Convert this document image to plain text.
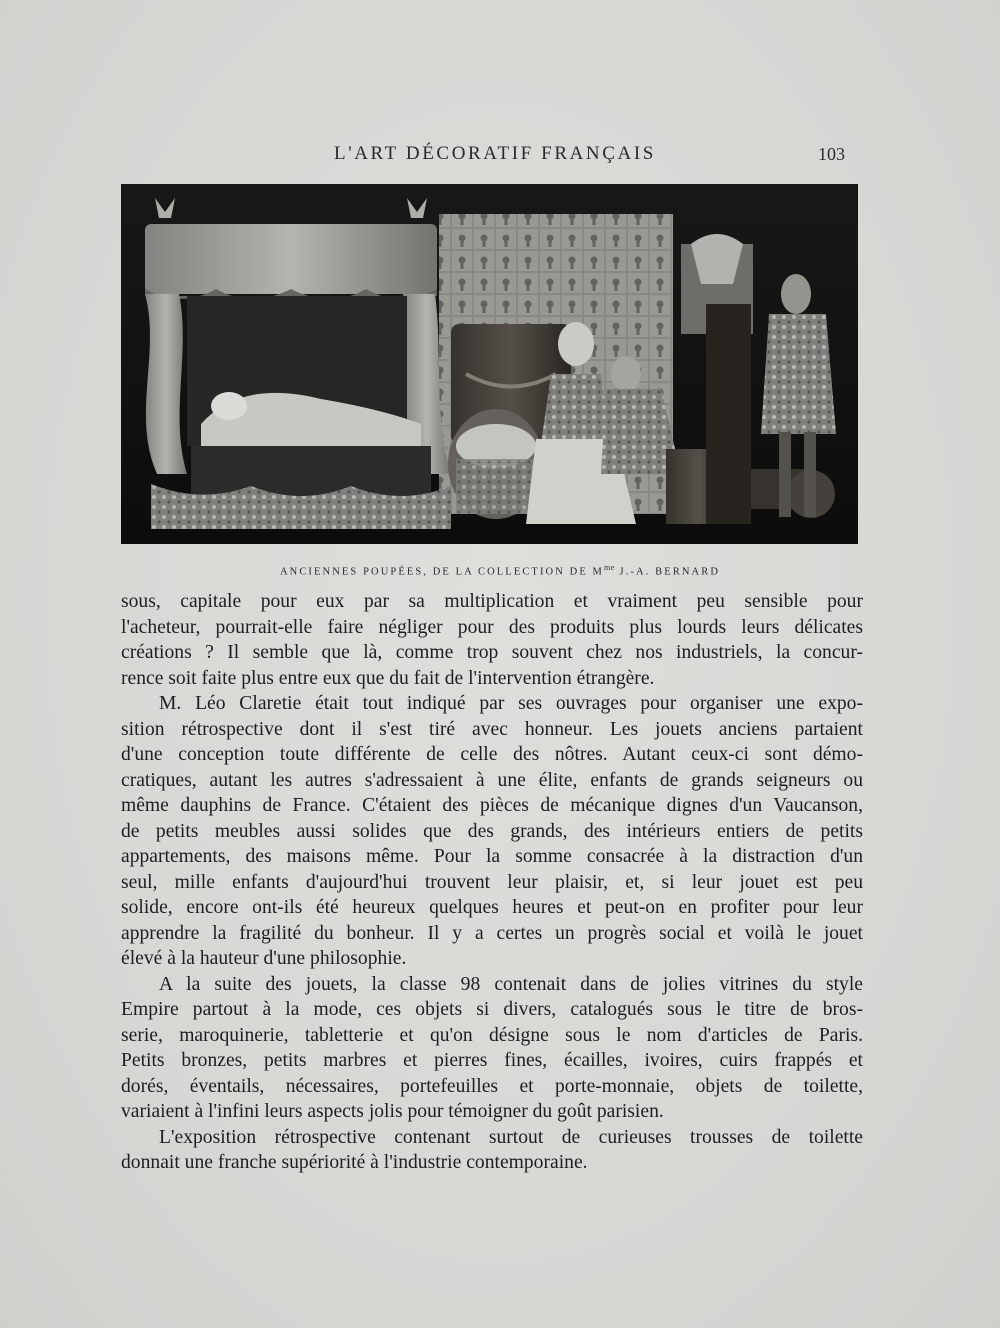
L'ART DÉCORATIF FRANÇAIS	103
ANCIENNES POUPÉES, DE LA COLLECTION DE $M^{me}$ J.-A. BERNARD
sous, capitale pour eux par sa multiplication et vraiment peu sensible pour
l'acheteur, pourrait-elle faire négliger pour des produits plus lourds leurs délicates
créations ? Il semble que là, comme trop souvent chez nos industriels, la concur-
rence soit faite plus entre eux que du fait de l'intervention étrangère.
M. Léo Claretie était tout indiqué par ses ouvrages pour organiser une expo-
sition rétrospective dont il s'est tiré avec honneur. Les jouets anciens partaient
d'une conception toute différente de celle des nôtres. Autant ceux-ci sont démo-
cratiques, autant les autres s'adressaient à une élite, enfants de grands seigneurs ou
même dauphins de France. C'étaient des pièces de mécanique dignes d'un Vaucanson,
de petits meubles aussi solides que des grands, des intérieurs entiers de petits
appartements, des maisons même. Pour la somme consacrée à la distraction d'un
seul, mille enfants d'aujourd'hui trouvent leur plaisir, et, si leur jouet est peu
solide, encore ont-ils été heureux quelques heures et peut-on en profiter pour leur
apprendre la fragilité du bonheur. Il y a certes un progrès social et voilà le jouet
élevé à la hauteur d'une philosophie.
A la suite des jouets, la classe 98 contenait dans de jolies vitrines du style
Empire partout à la mode, ces objets si divers, catalogués sous le titre de bros-
serie, maroquinerie, tabletterie et qu'on désigne sous le nom d'articles de Paris.
Petits bronzes, petits marbres et pierres fines, écailles, ivoires, cuirs frappés et
dorés, éventails, nécessaires, portefeuilles et porte-monnaie, objets de toilette,
variaient à l'infini leurs aspects jolis pour témoigner du goût parisien.
L'exposition rétrospective contenant surtout de curieuses trousses de toilette
donnait une franche supériorité à l'industrie contemporaine.
